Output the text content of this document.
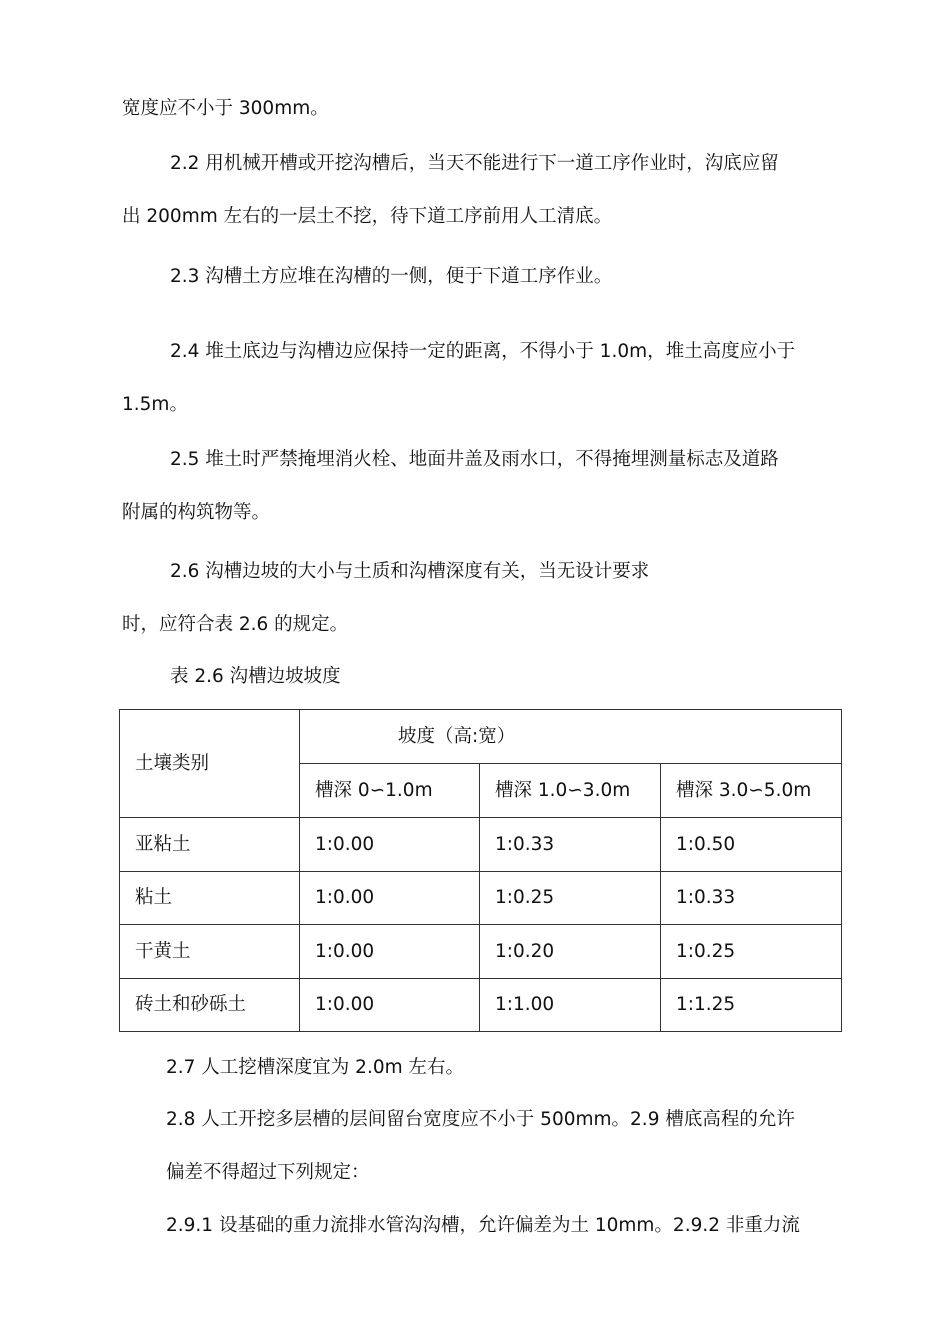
宽度应不小于 300mm。
2.2 用机械开槽或开挖沟槽后，当天不能进行下一道工序作业时，沟底应留
出 200mm 左右的一层土不挖，待下道工序前用人工清底。
2.3 沟槽土方应堆在沟槽的一侧，便于下道工序作业。
2.4 堆土底边与沟槽边应保持一定的距离，不得小于 1.0m，堆土高度应小于
1.5m。
2.5 堆土时严禁掩埋消火栓、地面井盖及雨水口，不得掩埋测量标志及道路
附属的构筑物等。
2.6 沟槽边坡的大小与土质和沟槽深度有关，当无设计要求
时，应符合表 2.6 的规定。
表 2.6 沟槽边坡坡度
土壤类别	坡度（高:宽）		
	槽深 0∽1.0m	槽深 1.0∽3.0m	槽深 3.0∽5.0m
亚粘土	1:0.00	1:0.33	1:0.50
粘土	1:0.00	1:0.25	1:0.33
干黄土	1:0.00	1:0.20	1:0.25
砖土和砂砾土	1:0.00	1:1.00	1:1.25
2.7 人工挖槽深度宜为 2.0m 左右。
2.8 人工开挖多层槽的层间留台宽度应不小于 500mm。2.9 槽底高程的允许
偏差不得超过下列规定：
2.9.1 设基础的重力流排水管沟沟槽，允许偏差为土 10mm。2.9.2 非重力流
